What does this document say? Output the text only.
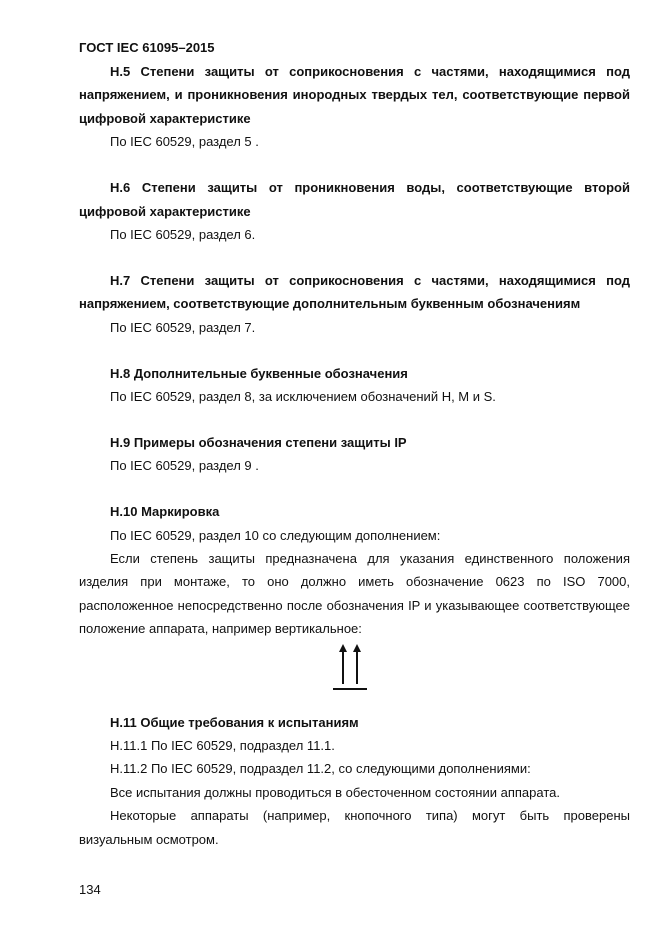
ГОСТ IEC 61095–2015

Н.5 Степени защиты от соприкосновения с частями, находящимися под напряжением, и проникновения инородных твердых тел, соответствующие первой цифровой характеристике

По IEC 60529, раздел 5 .

Н.6 Степени защиты от проникновения воды, соответствующие второй цифровой характеристике

По IEC 60529, раздел 6.

Н.7 Степени защиты от соприкосновения с частями, находящимися под напряжением, соответствующие дополнительным буквенным обозначениям

По IEC 60529, раздел 7.

Н.8 Дополнительные буквенные обозначения

По IEC 60529, раздел 8, за исключением обозначений H, M и S.

Н.9 Примеры обозначения степени защиты IP

По IEC 60529, раздел 9 .

Н.10 Маркировка

По IEC 60529, раздел 10 со следующим дополнением:

Если степень защиты предназначена для указания единственного положения изделия при монтаже, то оно должно иметь обозначение 0623 по ISO 7000, расположенное непосредственно после обозначения IP и указывающее соответствующее положение аппарата, например вертикальное:

Н.11 Общие требования к испытаниям

Н.11.1 По IEC 60529, подраздел 11.1.

Н.11.2 По IEC 60529, подраздел 11.2, со следующими дополнениями:

Все испытания должны проводиться в обесточенном состоянии аппарата.

Некоторые аппараты (например, кнопочного типа) могут быть проверены визуальным осмотром.

134
